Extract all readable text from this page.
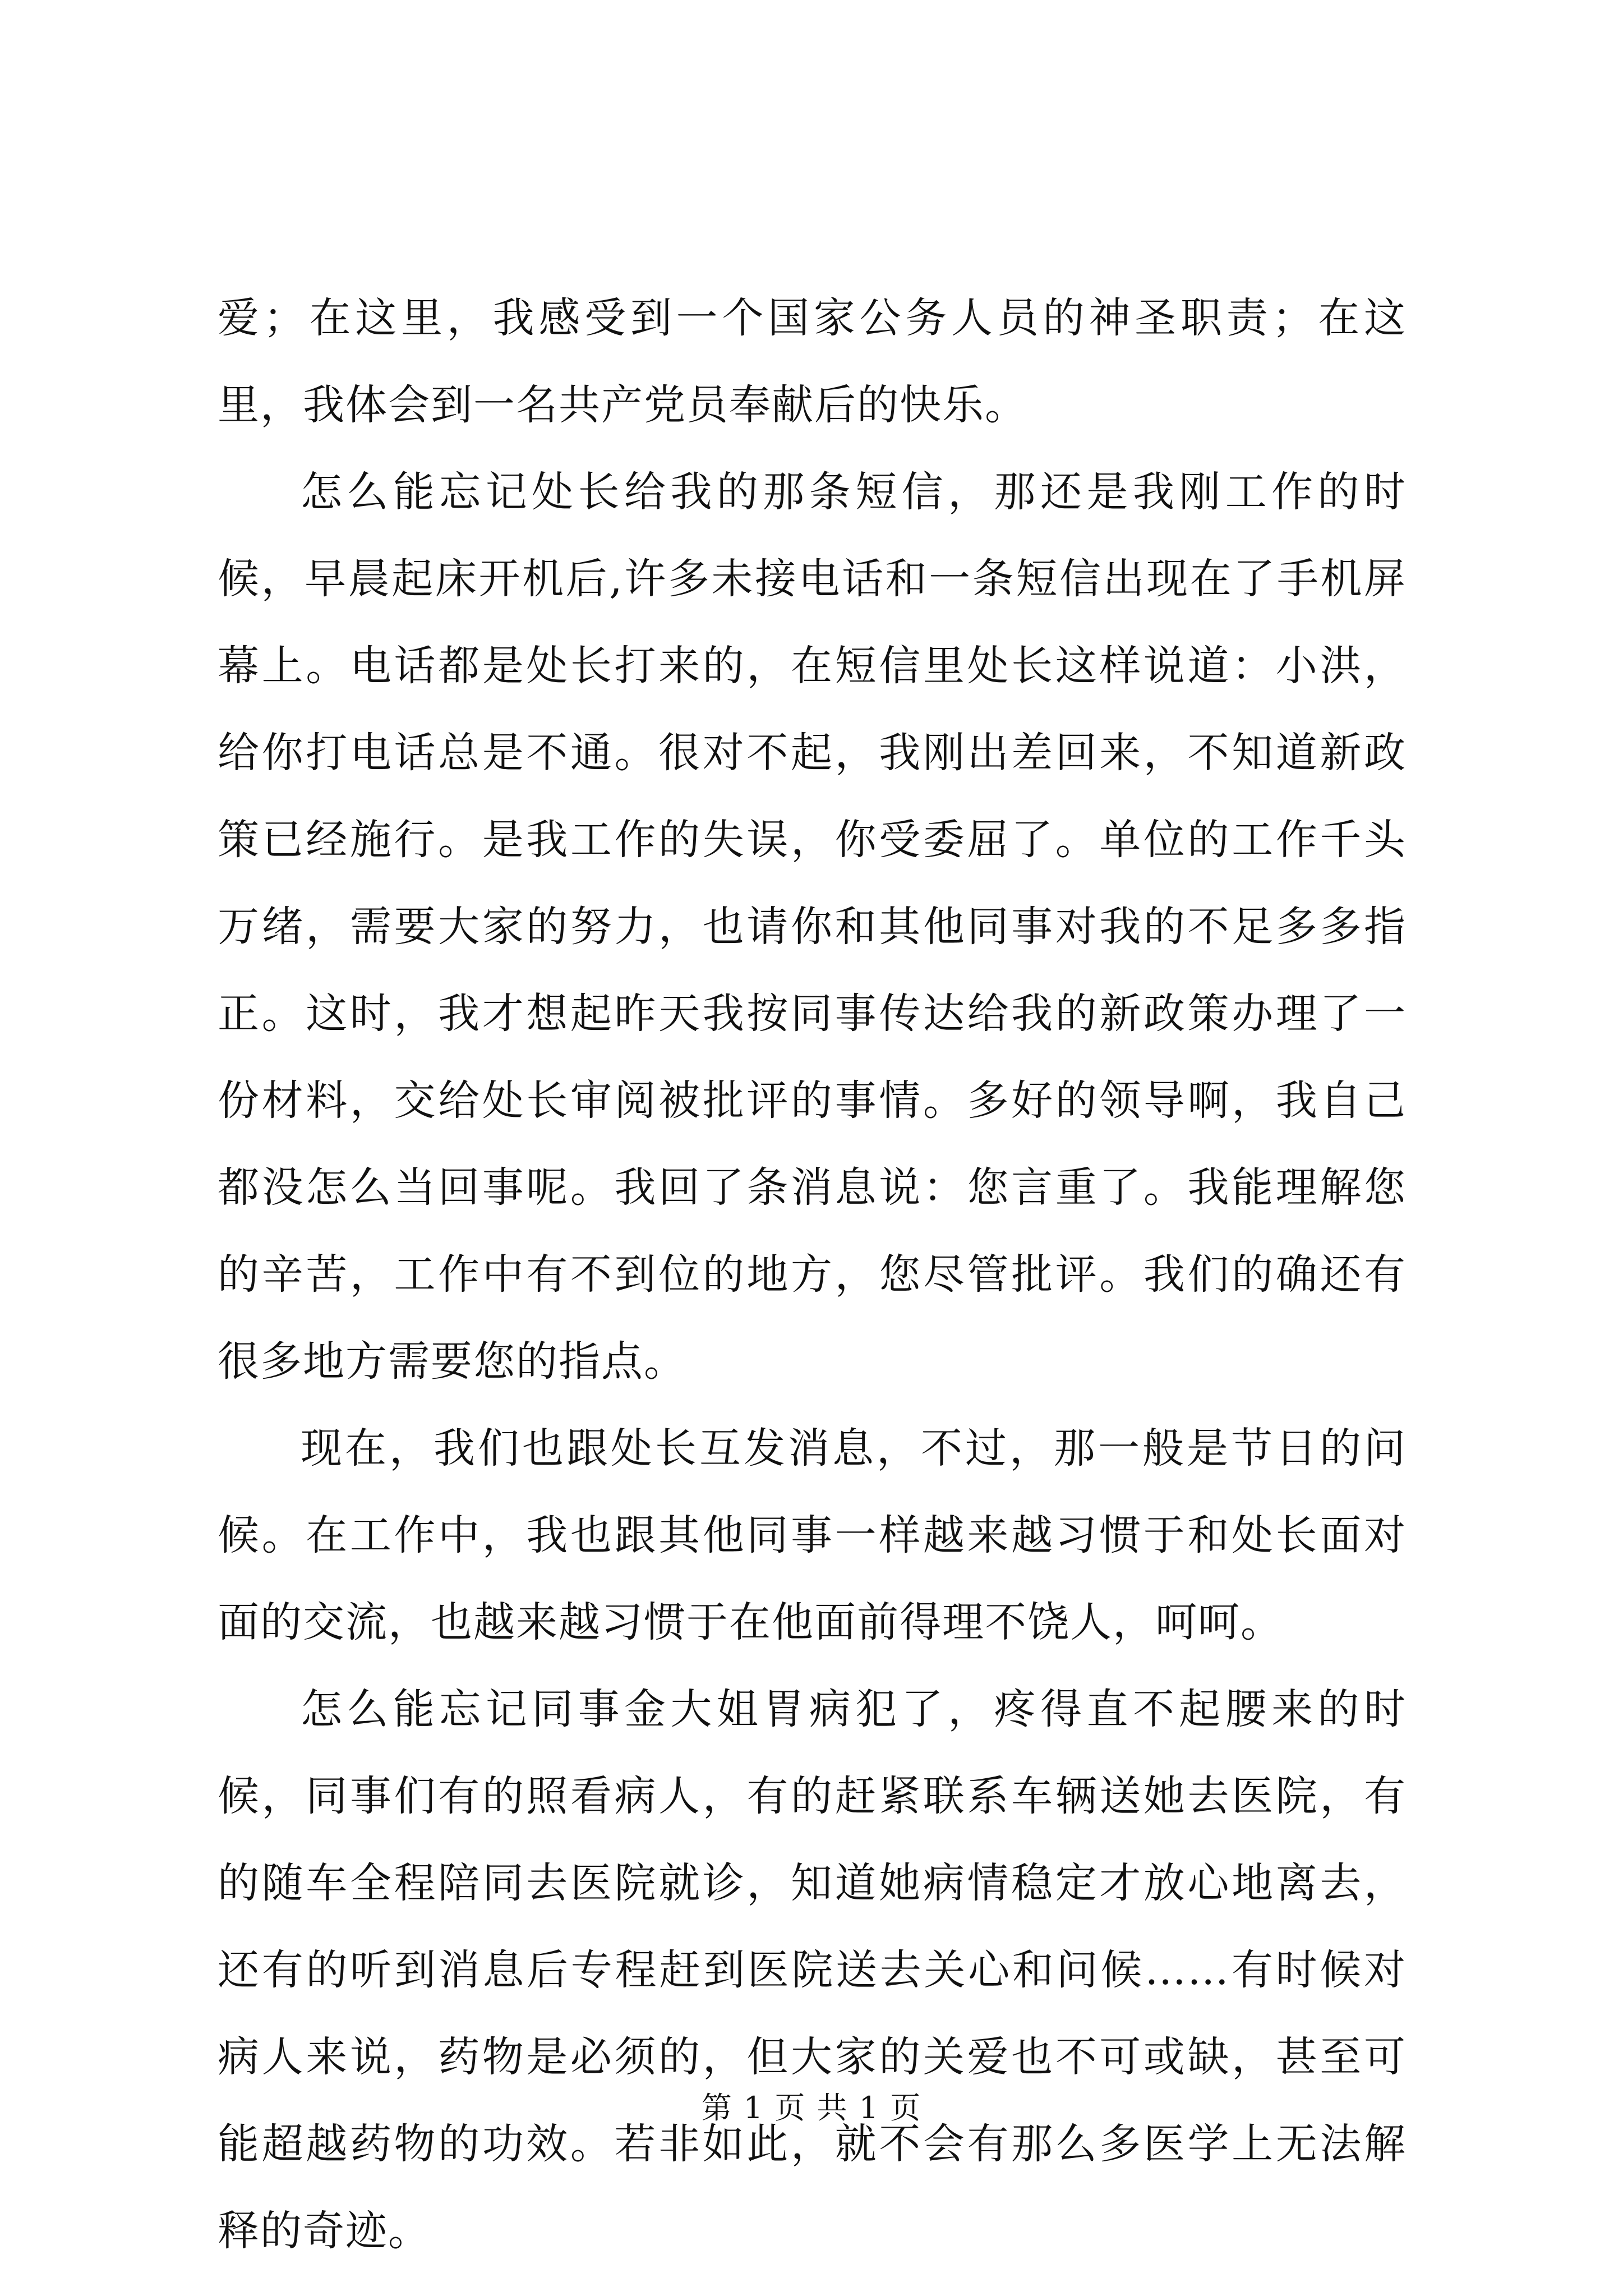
爱；在这里，我感受到一个国家公务人员的神圣职责；在这里，我体会到一名共产党员奉献后的快乐。

怎么能忘记处长给我的那条短信，那还是我刚工作的时候，早晨起床开机后,许多未接电话和一条短信出现在了手机屏幕上。电话都是处长打来的，在短信里处长这样说道：小洪，给你打电话总是不通。很对不起，我刚出差回来，不知道新政策已经施行。是我工作的失误，你受委屈了。单位的工作千头万绪，需要大家的努力，也请你和其他同事对我的不足多多指正。这时，我才想起昨天我按同事传达给我的新政策办理了一份材料，交给处长审阅被批评的事情。多好的领导啊，我自己都没怎么当回事呢。我回了条消息说：您言重了。我能理解您的辛苦，工作中有不到位的地方，您尽管批评。我们的确还有很多地方需要您的指点。

现在，我们也跟处长互发消息，不过，那一般是节日的问候。在工作中，我也跟其他同事一样越来越习惯于和处长面对面的交流，也越来越习惯于在他面前得理不饶人，呵呵。

怎么能忘记同事金大姐胃病犯了，疼得直不起腰来的时候，同事们有的照看病人，有的赶紧联系车辆送她去医院，有的随车全程陪同去医院就诊，知道她病情稳定才放心地离去，还有的听到消息后专程赶到医院送去关心和问候……有时候对病人来说，药物是必须的，但大家的关爱也不可或缺，甚至可能超越药物的功效。若非如此，就不会有那么多医学上无法解释的奇迹。

第 1 页 共 1 页
